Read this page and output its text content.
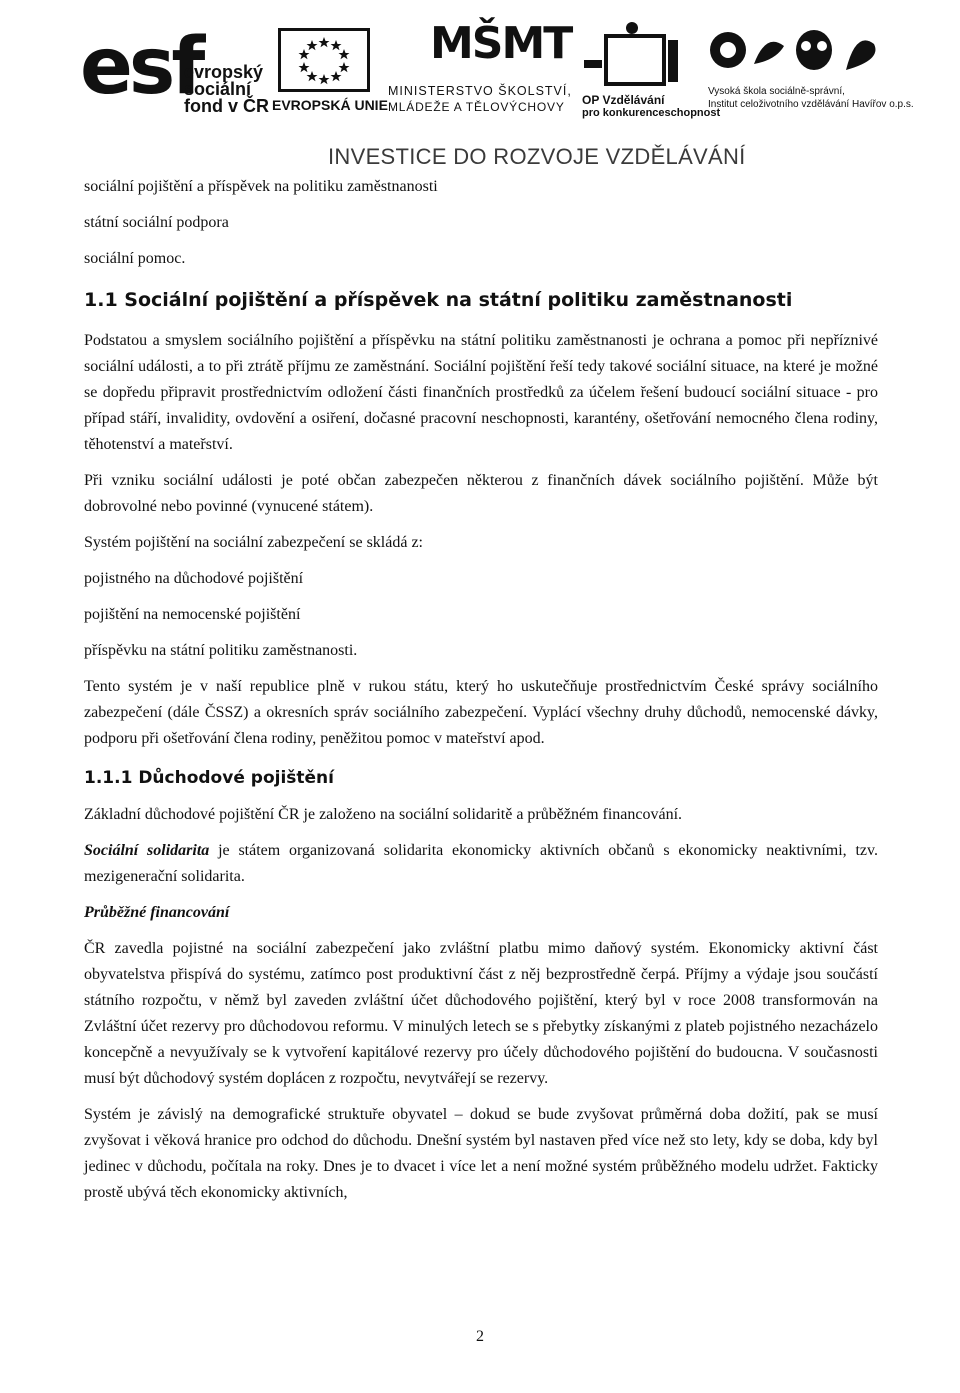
esf
evropský
sociální
fond v ČR EVROPSKÁ UNIE
MŠMT
MINISTERSTVO ŠKOLSTVÍ,
MLÁDEŽE A TĚLOVÝCHOVY OP Vzdělávání
pro konkurenceschopnost
Vysoká škola sociálně-správní,
Institut celoživotního vzdělávání Havířov o.p.s.
INVESTICE DO ROZVOJE VZDĚLÁVÁNÍ
sociální pojištění a příspěvek na politiku zaměstnanosti
státní sociální podpora
sociální pomoc.
1.1 Sociální pojištění a příspěvek na státní politiku zaměstnanosti
Podstatou a smyslem sociálního pojištění a příspěvku na státní politiku zaměstnanosti je ochrana a pomoc při nepříznivé sociální události, a to při ztrátě příjmu ze zaměstnání. Sociální pojištění řeší tedy takové sociální situace, na které je možné se dopředu připravit prostřednictvím odložení části finančních prostředků za účelem řešení budoucí sociální situace - pro případ stáří, invalidity, ovdovění a osiření, dočasné pracovní neschopnosti, karantény, ošetřování nemocného člena rodiny, těhotenství a mateřství.
Při vzniku sociální události je poté občan zabezpečen některou z finančních dávek sociálního pojištění. Může být dobrovolné nebo povinné (vynucené státem).
Systém pojištění na sociální zabezpečení se skládá z:
pojistného na důchodové pojištění
pojištění na nemocenské pojištění
příspěvku na státní politiku zaměstnanosti.
Tento systém je v naší republice plně v rukou státu, který ho uskutečňuje prostřednictvím České správy sociálního zabezpečení (dále ČSSZ) a okresních správ sociálního zabezpečení. Vyplácí všechny druhy důchodů, nemocenské dávky, podporu při ošetřování člena rodiny, peněžitou pomoc v mateřství apod.
1.1.1 Důchodové pojištění
Základní důchodové pojištění ČR je založeno na sociální solidaritě a průběžném financování.
Sociální solidarita je státem organizovaná solidarita ekonomicky aktivních občanů s ekonomicky neaktivními, tzv. mezigenerační solidarita.
Průběžné financování
ČR zavedla pojistné na sociální zabezpečení jako zvláštní platbu mimo daňový systém. Ekonomicky aktivní část obyvatelstva přispívá do systému, zatímco post produktivní část z něj bezprostředně čerpá. Příjmy a výdaje jsou součástí státního rozpočtu, v němž byl zaveden zvláštní účet důchodového pojištění, který byl v roce 2008 transformován na Zvláštní účet rezervy pro důchodovou reformu. V minulých letech se s přebytky získanými z plateb pojistného nezacházelo koncepčně a nevyužívaly se k vytvoření kapitálové rezervy pro účely důchodového pojištění do budoucna. V současnosti musí být důchodový systém doplácen z rozpočtu, nevytvářejí se rezervy.
Systém je závislý na demografické struktuře obyvatel – dokud se bude zvyšovat průměrná doba dožití, pak se musí zvyšovat i věková hranice pro odchod do důchodu. Dnešní systém byl nastaven před více než sto lety, kdy se doba, kdy byl jedinec v důchodu, počítala na roky. Dnes je to dvacet i více let a není možné systém průběžného modelu udržet. Fakticky prostě ubývá těch ekonomicky aktivních,
2
